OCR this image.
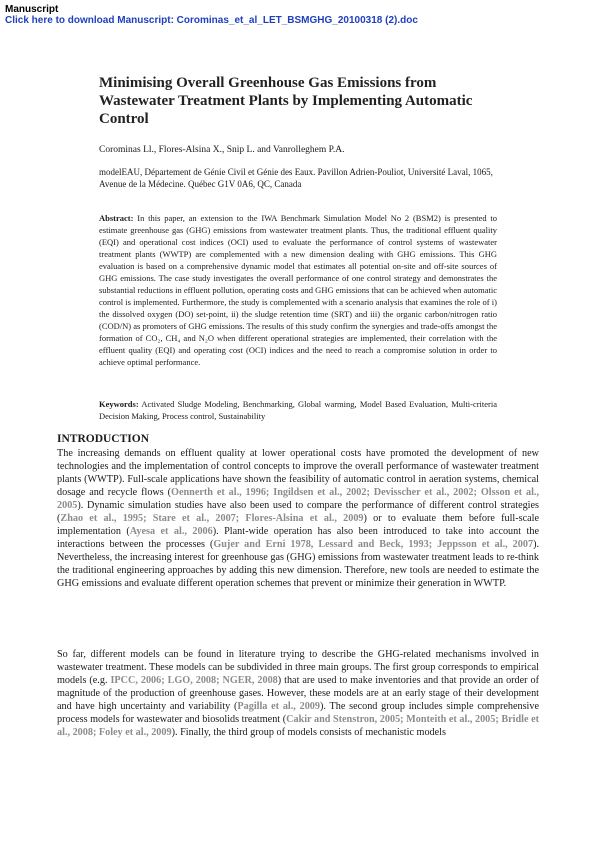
Manuscript
Click here to download Manuscript: Corominas_et_al_LET_BSMGHG_20100318 (2).doc
Minimising Overall Greenhouse Gas Emissions from Wastewater Treatment Plants by Implementing Automatic Control
Corominas Ll., Flores-Alsina X., Snip L. and Vanrolleghem P.A.
modelEAU, Département de Génie Civil et Génie des Eaux. Pavillon Adrien-Pouliot, Université Laval, 1065, Avenue de la Médecine. Québec G1V 0A6, QC, Canada

Abstract: In this paper, an extension to the IWA Benchmark Simulation Model No 2 (BSM2) is presented to estimate greenhouse gas (GHG) emissions from wastewater treatment plants. Thus, the traditional effluent quality (EQI) and operational cost indices (OCI) used to evaluate the performance of control systems of wastewater treatment plants (WWTP) are complemented with a new dimension dealing with GHG emissions. This GHG evaluation is based on a comprehensive dynamic model that estimates all potential on-site and off-site sources of GHG emissions. The case study investigates the overall performance of one control strategy and demonstrates the substantial reductions in effluent pollution, operating costs and GHG emissions that can be achieved when automatic control is implemented. Furthermore, the study is complemented with a scenario analysis that examines the role of i) the dissolved oxygen (DO) set-point, ii) the sludge retention time (SRT) and iii) the organic carbon/nitrogen ratio (COD/N) as promoters of GHG emissions. The results of this study confirm the synergies and trade-offs amongst the formation of CO₂, CH₄ and N₂O when different operational strategies are implemented, their correlation with the effluent quality (EQI) and operating cost (OCI) indices and the need to reach a compromise solution in order to achieve optimal performance.

Keywords: Activated Sludge Modeling, Benchmarking, Global warming, Model Based Evaluation, Multi-criteria Decision Making, Process control, Sustainability

INTRODUCTION

The increasing demands on effluent quality at lower operational costs have promoted the development of new technologies and the implementation of control concepts to improve the overall performance of wastewater treatment plants (WWTP). Full-scale applications have shown the feasibility of automatic control in aeration systems, chemical dosage and recycle flows (Oennerth et al., 1996; Ingildsen et al., 2002; Devisscher et al., 2002; Olsson et al., 2005). Dynamic simulation studies have also been used to compare the performance of different control strategies (Zhao et al., 1995; Stare et al., 2007; Flores-Alsina et al., 2009) or to evaluate them before full-scale implementation (Ayesa et al., 2006). Plant-wide operation has also been introduced to take into account the interactions between the processes (Gujer and Erni 1978, Lessard and Beck, 1993; Jeppsson et al., 2007). Nevertheless, the increasing interest for greenhouse gas (GHG) emissions from wastewater treatment leads to re-think the traditional engineering approaches by adding this new dimension. Therefore, new tools are needed to estimate the GHG emissions and evaluate different operation schemes that prevent or minimize their generation in WWTP.

So far, different models can be found in literature trying to describe the GHG-related mechanisms involved in wastewater treatment. These models can be subdivided in three main groups. The first group corresponds to empirical models (e.g. IPCC, 2006; LGO, 2008; NGER, 2008) that are used to make inventories and that provide an order of magnitude of the production of greenhouse gases. However, these models are at an early stage of their development and have high uncertainty and variability (Pagilla et al., 2009). The second group includes simple comprehensive process models for wastewater and biosolids treatment (Cakir and Stenstron, 2005; Monteith et al., 2005; Bridle et al., 2008; Foley et al., 2009). Finally, the third group of models consists of mechanistic models
